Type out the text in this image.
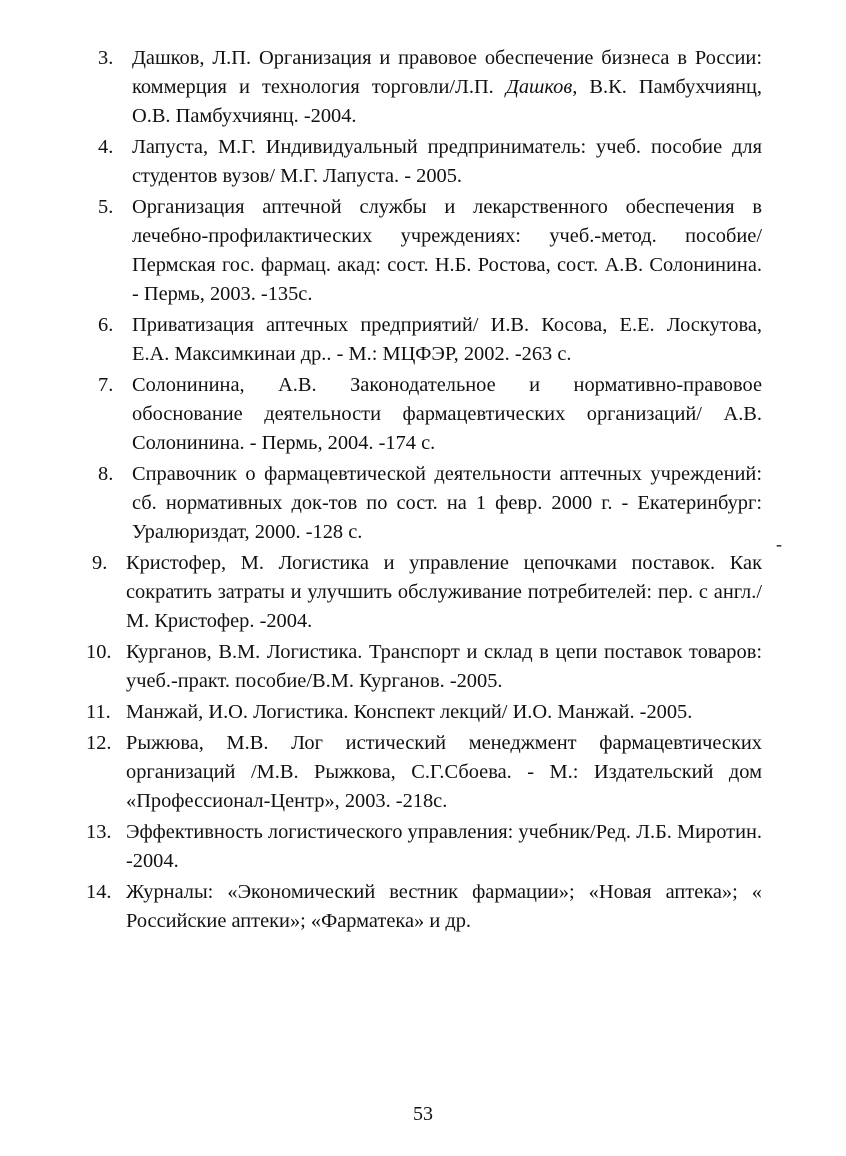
3. Дашков, Л.П. Организация и правовое обеспечение бизнеса в России: коммерция и технология торговли/Л.П. Дашков, В.К. Памбухчиянц, О.В. Памбухчиянц. -2004.
4. Лапуста, М.Г. Индивидуальный предприниматель: учеб. пособие для студентов вузов/ М.Г. Лапуста. - 2005.
5. Организация аптечной службы и лекарственного обеспечения в лечебно-профилактических учреждениях: учеб.-метод. пособие/ Пермская гос. фармац. акад: сост. Н.Б. Ростова, сост. А.В. Солонинина. - Пермь, 2003. -135с.
6. Приватизация аптечных предприятий/ И.В. Косова, Е.Е. Лоскутова, Е.А. Максимкинаи др.. - М.: МЦФЭР, 2002. -263 с.
7. Солонинина, А.В. Законодательное и нормативно-правовое обоснование деятельности фармацевтических организаций/ А.В. Солонинина. - Пермь, 2004. -174 с.
8. Справочник о фармацевтической деятельности аптечных учреждений: сб. нормативных док-тов по сост. на 1 февр. 2000 г. - Екатеринбург: Уралюриздат, 2000. -128 с.
9. Кристофер, М. Логистика и управление цепочками поставок. Как сократить затраты и улучшить обслуживание потребителей: пер. с англ./М. Кристофер. -2004.
10. Курганов, В.М. Логистика. Транспорт и склад в цепи поставок товаров: учеб.-практ. пособие/В.М. Курганов. -2005.
11. Манжай, И.О. Логистика. Конспект лекций/ И.О. Манжай. -2005.
12. Рыжюва, М.В. Лог истический менеджмент фармацевтических организаций /М.В. Рыжкова, С.Г.Сбоева. - М.: Издательский дом «Профессионал-Центр», 2003. -218с.
13. Эффективность логистического управления: учебник/Ред. Л.Б. Миротин. -2004.
14. Журналы: «Экономический вестник фармации»; «Новая аптека»; « Российские аптеки»; «Фарматека» и др.
-
53
